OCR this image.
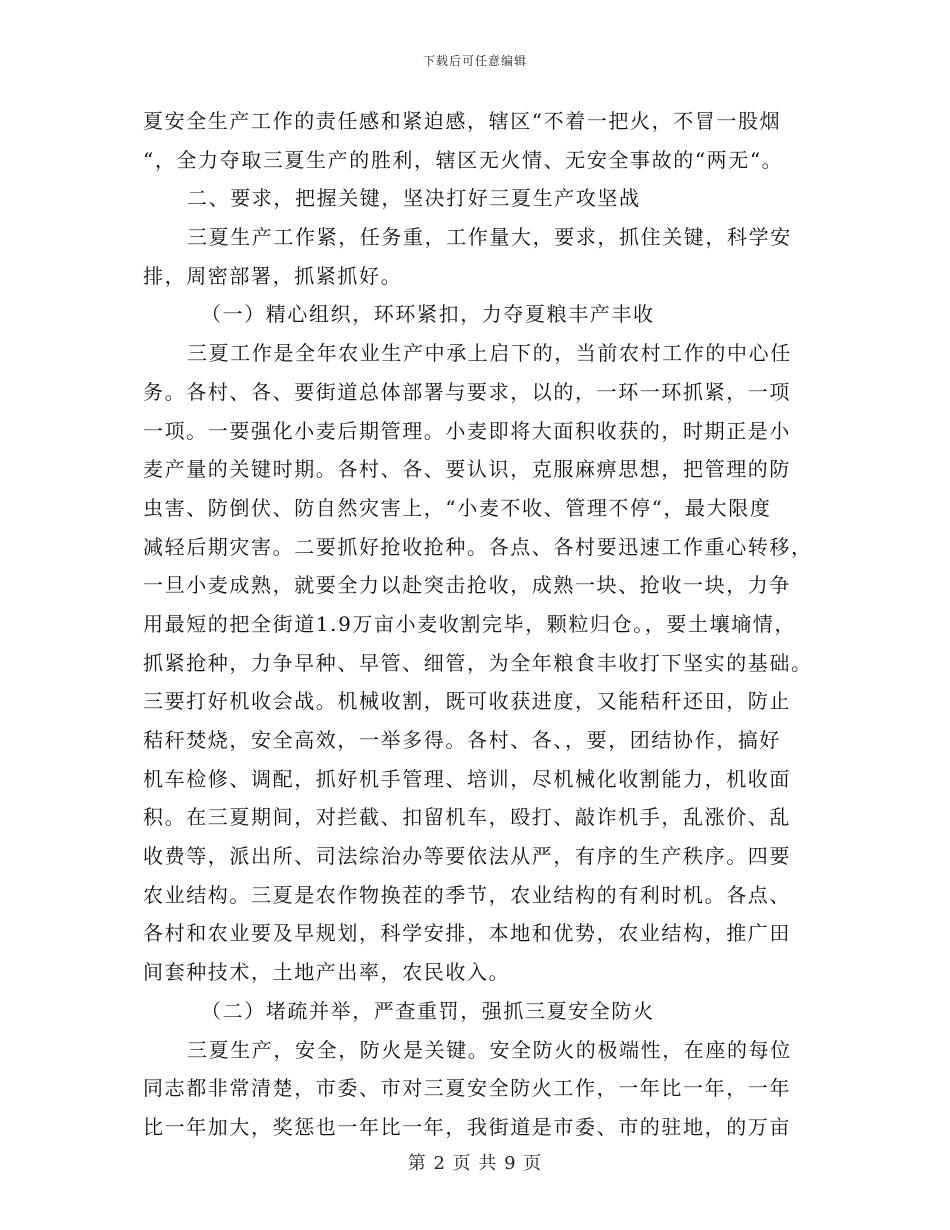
下载后可任意编辑
夏安全生产工作的责任感和紧迫感，辖区“不着一把火，不冒一股烟
“，全力夺取三夏生产的胜利，辖区无火情、无安全事故的“两无“。
二、要求，把握关键，坚决打好三夏生产攻坚战
三夏生产工作紧，任务重，工作量大，要求，抓住关键，科学安
排，周密部署，抓紧抓好。
（一）精心组织，环环紧扣，力夺夏粮丰产丰收
三夏工作是全年农业生产中承上启下的，当前农村工作的中心任
务。各村、各、要街道总体部署与要求，以的，一环一环抓紧，一项
一项。一要强化小麦后期管理。小麦即将大面积收获的，时期正是小
麦产量的关键时期。各村、各、要认识，克服麻痹思想，把管理的防
虫害、防倒伏、防自然灾害上，“小麦不收、管理不停“，最大限度
减轻后期灾害。二要抓好抢收抢种。各点、各村要迅速工作重心转移，
一旦小麦成熟，就要全力以赴突击抢收，成熟一块、抢收一块，力争
用最短的把全街道1.9万亩小麦收割完毕，颗粒归仓。，要土壤墒情，
抓紧抢种，力争早种、早管、细管，为全年粮食丰收打下坚实的基础。
三要打好机收会战。机械收割，既可收获进度，又能秸秆还田，防止
秸秆焚烧，安全高效，一举多得。各村、各、，要，团结协作，搞好
机车检修、调配，抓好机手管理、培训，尽机械化收割能力，机收面
积。在三夏期间，对拦截、扣留机车，殴打、敲诈机手，乱涨价、乱
收费等，派出所、司法综治办等要依法从严，有序的生产秩序。四要
农业结构。三夏是农作物换茬的季节，农业结构的有利时机。各点、
各村和农业要及早规划，科学安排，本地和优势，农业结构，推广田
间套种技术，土地产出率，农民收入。
（二）堵疏并举，严查重罚，强抓三夏安全防火
三夏生产，安全，防火是关键。安全防火的极端性，在座的每位
同志都非常清楚，市委、市对三夏安全防火工作，一年比一年，一年
比一年加大，奖惩也一年比一年，我街道是市委、市的驻地，的万亩
第 2 页 共 9 页
